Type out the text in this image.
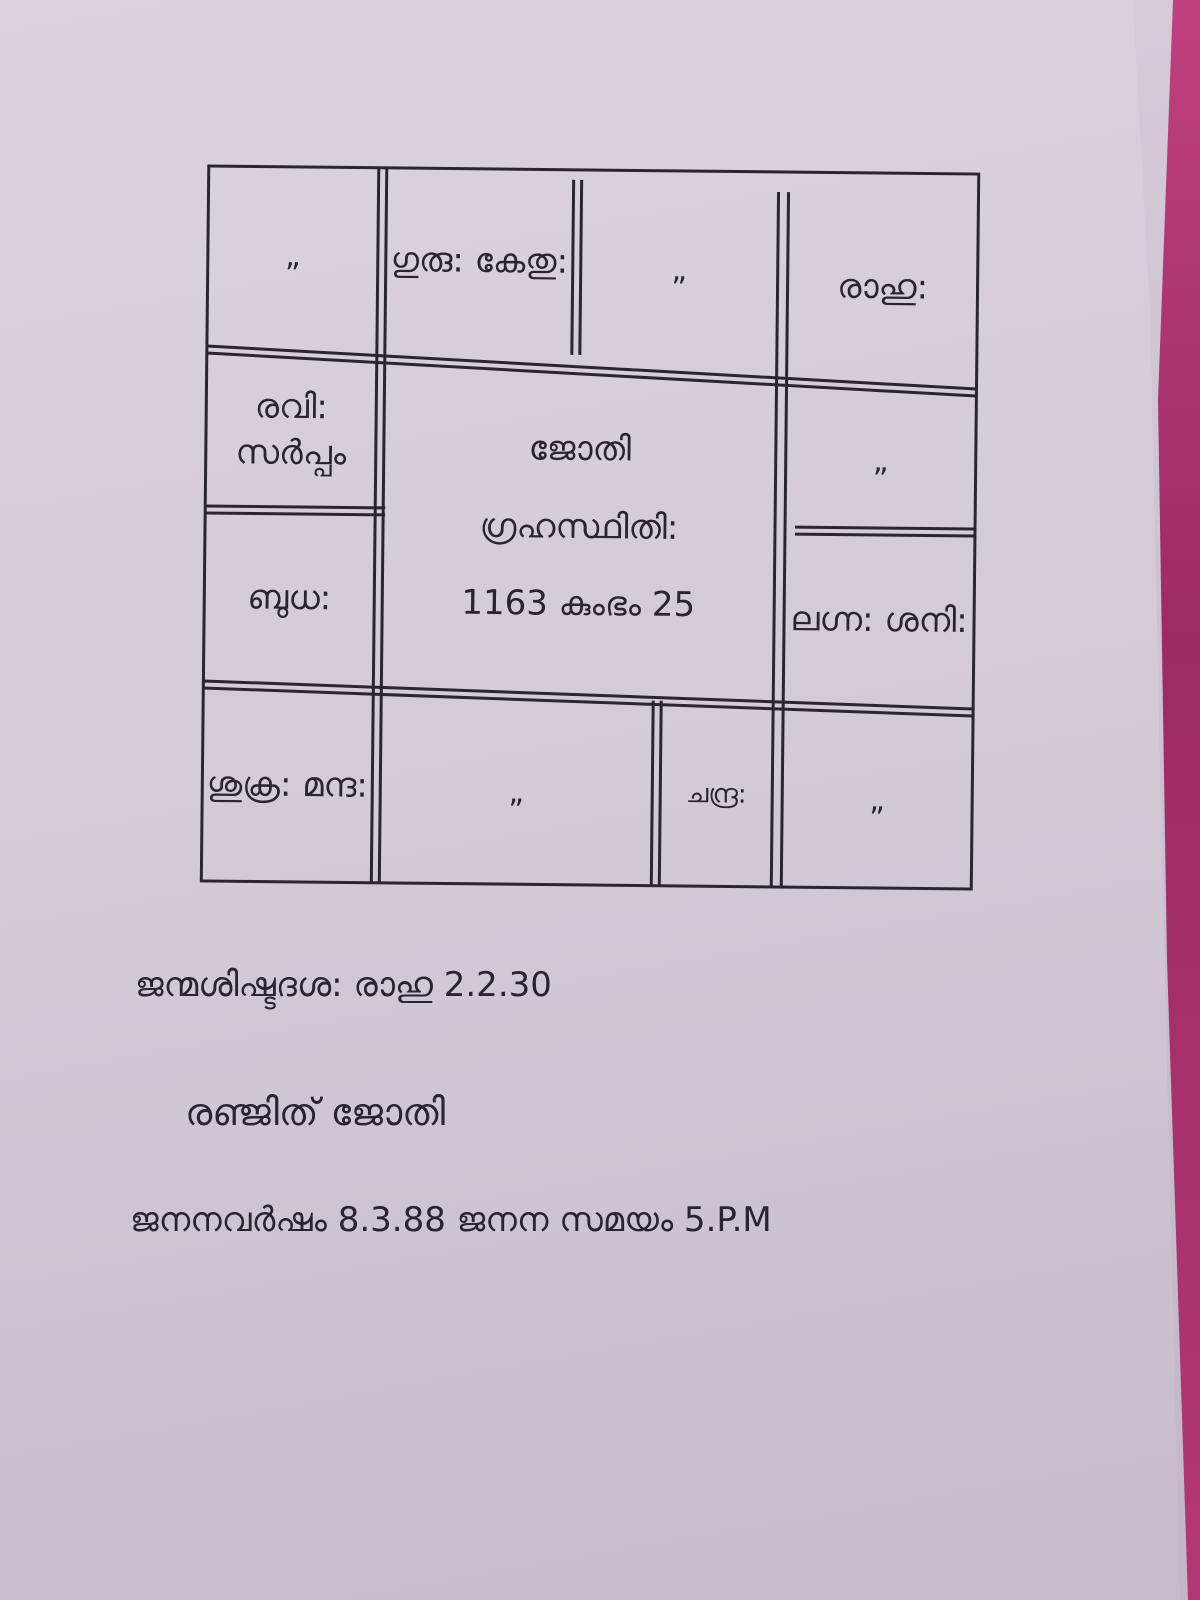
„	ഗുരു: കേതു:	„	രാഹു:
രവി: സർപ്പം
ബുധ:
ശുക്ര: മന്ദ:
„
ലഗ്ന: ശനി:
„	ചന്ദ്ര:	„
ജോതി
ഗ്രഹസ്ഥിതി:
1163 കുംഭം 25
ജന്മശിഷ്ടദശ: രാഹു 2.2.30
രഞ്ജിത് ജോതി
ജനനവർഷം 8.3.88 ജനന സമയം 5.P.M
